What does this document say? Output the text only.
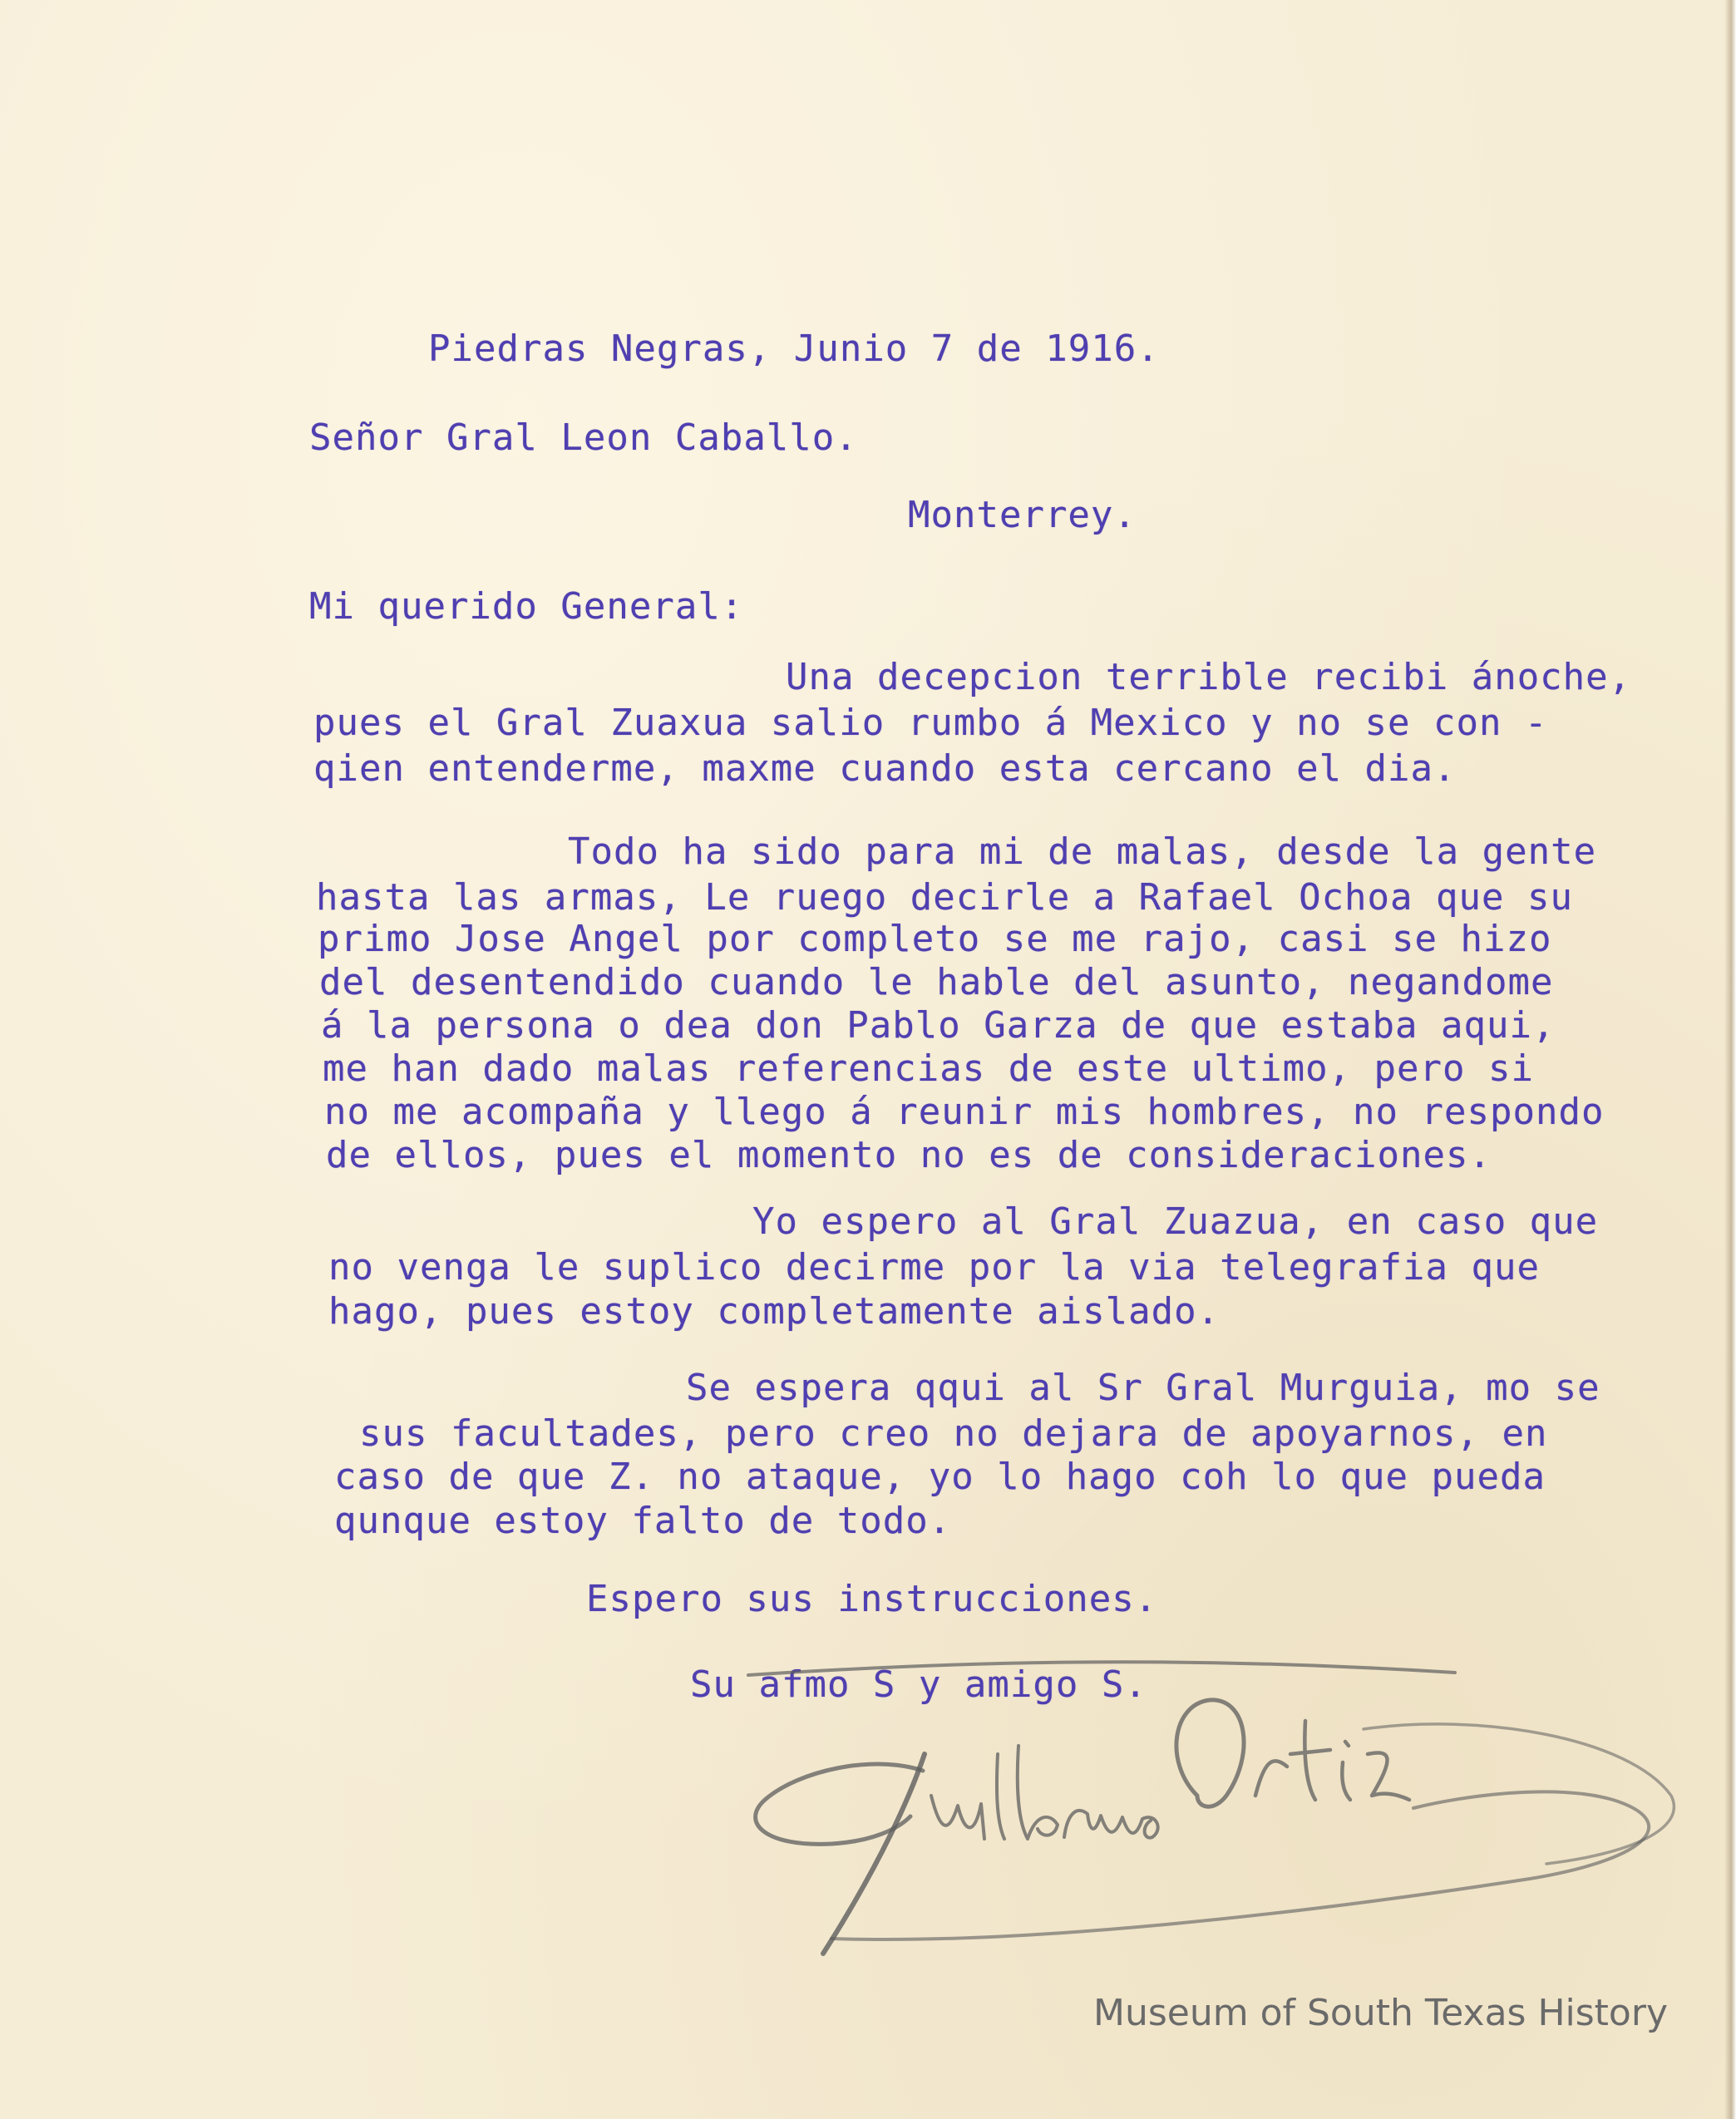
Piedras Negras, Junio 7 de 1916.
Señor Gral Leon Caballo.
Monterrey.
Mi querido General:
Una decepcion terrible recibi ánoche,
pues el Gral Zuaxua salio rumbo á Mexico y no se con -
qien entenderme, maxme cuando esta cercano el dia.
Todo ha sido para mi de malas, desde la gente
hasta las armas, Le ruego decirle a Rafael Ochoa que su
primo Jose Angel por completo se me rajo, casi se hizo
del desentendido cuando le hable del asunto, negandome
á la persona o dea don Pablo Garza de que estaba aqui,
me han dado malas referencias de este ultimo, pero si
no me acompaña y llego á reunir mis hombres, no respondo
de ellos, pues el momento no es de consideraciones.
Yo espero al Gral Zuazua, en caso que
no venga le suplico decirme por la via telegrafia que
hago, pues estoy completamente aislado.
Se espera qqui al Sr Gral Murguia, mo se
sus facultades, pero creo no dejara de apoyarnos, en
caso de que Z. no ataque, yo lo hago coh lo que pueda
qunque estoy falto de todo.
Espero sus instrucciones.
Su afmo S y amigo S.
Museum of South Texas History
